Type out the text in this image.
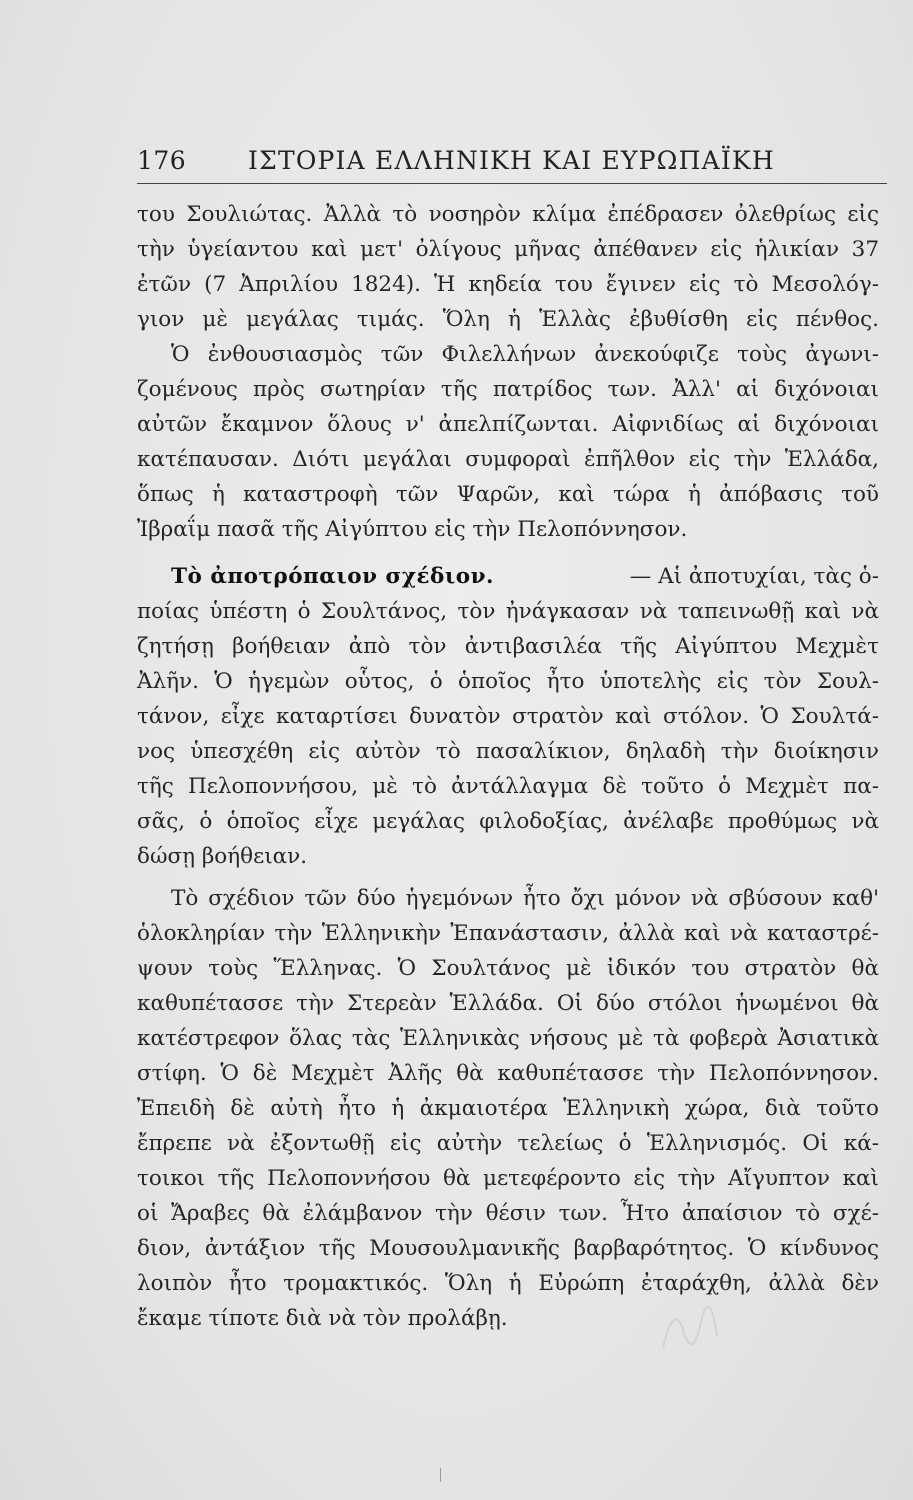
176 ΙΣΤΟΡΙΑ ΕΛΛΗΝΙΚΗ ΚΑΙ ΕΥΡΩΠΑΪΚΗ
του Σουλιώτας. Ἀλλὰ τὸ νοσηρὸν κλίμα ἐπέδρασεν ὀλεθρίως εἰς
τὴν ὑγείαντου καὶ μετ' ὀλίγους μῆνας ἀπέθανεν εἰς ἡλικίαν 37
ἐτῶν (7 Ἀπριλίου 1824). Ἡ κηδεία του ἔγινεν εἰς τὸ Μεσολόγ-
γιον μὲ μεγάλας τιμάς. Ὅλη ἡ Ἑλλὰς ἐβυθίσθη εἰς πένθος.
Ὁ ἐνθουσιασμὸς τῶν Φιλελλήνων ἀνεκούφιζε τοὺς ἀγωνι-
ζομένους πρὸς σωτηρίαν τῆς πατρίδος των. Ἀλλ' αἱ διχόνοιαι
αὐτῶν ἔκαμνον ὅλους ν' ἀπελπίζωνται. Αἰφνιδίως αἱ διχόνοιαι
κατέπαυσαν. Διότι μεγάλαι συμφοραὶ ἐπῆλθον εἰς τὴν Ἑλλάδα,
ὅπως ἡ καταστροφὴ τῶν Ψαρῶν, καὶ τώρα ἡ ἀπόβασις τοῦ
Ἰβραΐμ πασᾶ τῆς Αἰγύπτου εἰς τὴν Πελοπόννησον.
Τὸ ἀποτρόπαιον σχέδιον.	— Αἱ ἀποτυχίαι, τὰς ὁ-
ποίας ὑπέστη ὁ Σουλτάνος, τὸν ἠνάγκασαν νὰ ταπεινωθῇ καὶ νὰ
ζητήσῃ βοήθειαν ἀπὸ τὸν ἀντιβασιλέα τῆς Αἰγύπτου Μεχμὲτ
Ἀλῆν. Ὁ ἡγεμὼν οὗτος, ὁ ὁποῖος ἦτο ὑποτελὴς εἰς τὸν Σουλ-
τάνον, εἶχε καταρτίσει δυνατὸν στρατὸν καὶ στόλον. Ὁ Σουλτά-
νος ὑπεσχέθη εἰς αὐτὸν τὸ πασαλίκιον, δηλαδὴ τὴν διοίκησιν
τῆς Πελοποννήσου, μὲ τὸ ἀντάλλαγμα δὲ τοῦτο ὁ Μεχμὲτ πα-
σᾶς, ὁ ὁποῖος εἶχε μεγάλας φιλοδοξίας, ἀνέλαβε προθύμως νὰ
δώσῃ βοήθειαν.
Τὸ σχέδιον τῶν δύο ἡγεμόνων ἦτο ὄχι μόνον νὰ σβύσουν καθ'
ὁλοκληρίαν τὴν Ἑλληνικὴν Ἐπανάστασιν, ἀλλὰ καὶ νὰ καταστρέ-
ψουν τοὺς Ἕλληνας. Ὁ Σουλτάνος μὲ ἰδικόν του στρατὸν θὰ
καθυπέτασσε τὴν Στερεὰν Ἑλλάδα. Οἱ δύο στόλοι ἡνωμένοι θὰ
κατέστρεφον ὅλας τὰς Ἑλληνικὰς νήσους μὲ τὰ φοβερὰ Ἀσιατικὰ
στίφη. Ὁ δὲ Μεχμὲτ Ἀλῆς θὰ καθυπέτασσε τὴν Πελοπόννησον.
Ἐπειδὴ δὲ αὐτὴ ἦτο ἡ ἀκμαιοτέρα Ἑλληνικὴ χώρα, διὰ τοῦτο
ἔπρεπε νὰ ἐξοντωθῇ εἰς αὐτὴν τελείως ὁ Ἑλληνισμός. Οἱ κά-
τοικοι τῆς Πελοποννήσου θὰ μετεφέροντο εἰς τὴν Αἴγυπτον καὶ
οἱ Ἄραβες θὰ ἐλάμβανον τὴν θέσιν των. Ἦτο ἀπαίσιον τὸ σχέ-
διον, ἀντάξιον τῆς Μουσουλμανικῆς βαρβαρότητος. Ὁ κίνδυνος
λοιπὸν ἦτο τρομακτικός. Ὅλη ἡ Εὐρώπη ἐταράχθη, ἀλλὰ δὲν
ἔκαμε τίποτε διὰ νὰ τὸν προλάβῃ.
